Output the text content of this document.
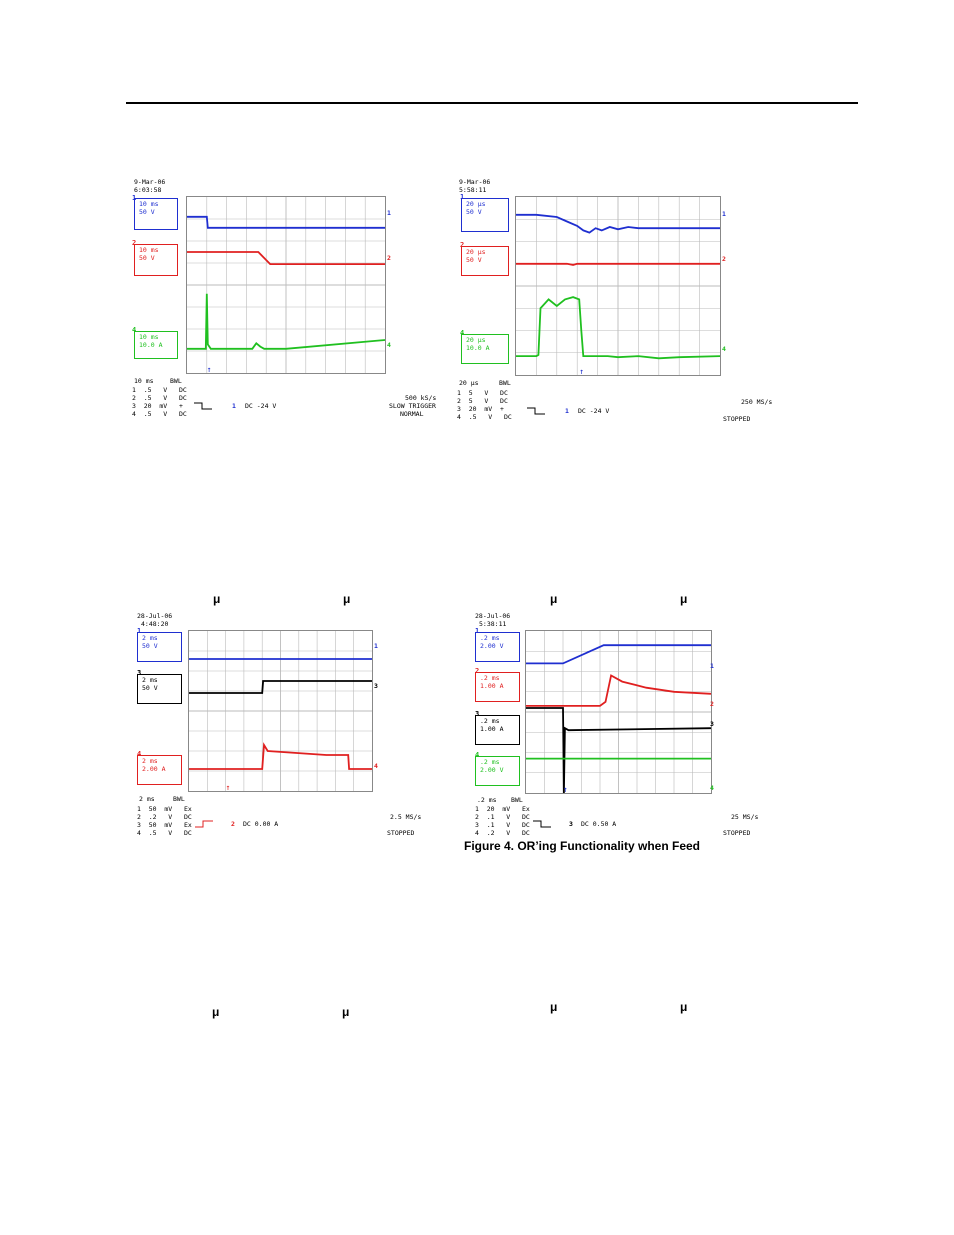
9-Mar-06
6:03:58
↑
10 ms
50 V
1
10 ms
50 V
2
10 ms
10.0 A
4
1
2
4
10 ms	BWL
1  .5   V   DC
2  .5   V   DC
3  20  mV   +
4  .5   V   DC
1 DC -24 V
500 kS/s
SLOW TRIGGER
NORMAL
9-Mar-06
5:58:11
↑
20 μs
50 V
1
20 μs
50 V
2
20 μs
10.0 A
4
1
2
4
20 μs	BWL
1  5   V   DC
2  5   V   DC
3  20  mV  +
4  .5   V   DC
1 DC -24 V
250 MS/s
STOPPED
μ	μ	μ	μ
28-Jul-06
4:48:20
↑
2 ms
50 V
1
2 ms
50 V
3
2 ms
2.00 A
4
1
3
4
2 ms	BWL
1  50  mV   Ex
2  .2   V   DC
3  50  mV   Ex
4  .5   V   DC
2 DC 0.00 A
2.5 MS/s
STOPPED
28-Jul-06
5:38:11
↑
.2 ms
2.00 V
1
.2 ms
1.00 A
2
.2 ms
1.00 A
3
.2 ms
2.00 V
4
1
2
3
4
.2 ms BWL
1  20  mV   Ex
2  .1   V   DC
3  .1   V   DC
4  .2   V   DC
3 DC 0.50 A
25 MS/s
STOPPED
Figure 4. OR’ing Functionality when Feed
μ	μ	μ	μ
